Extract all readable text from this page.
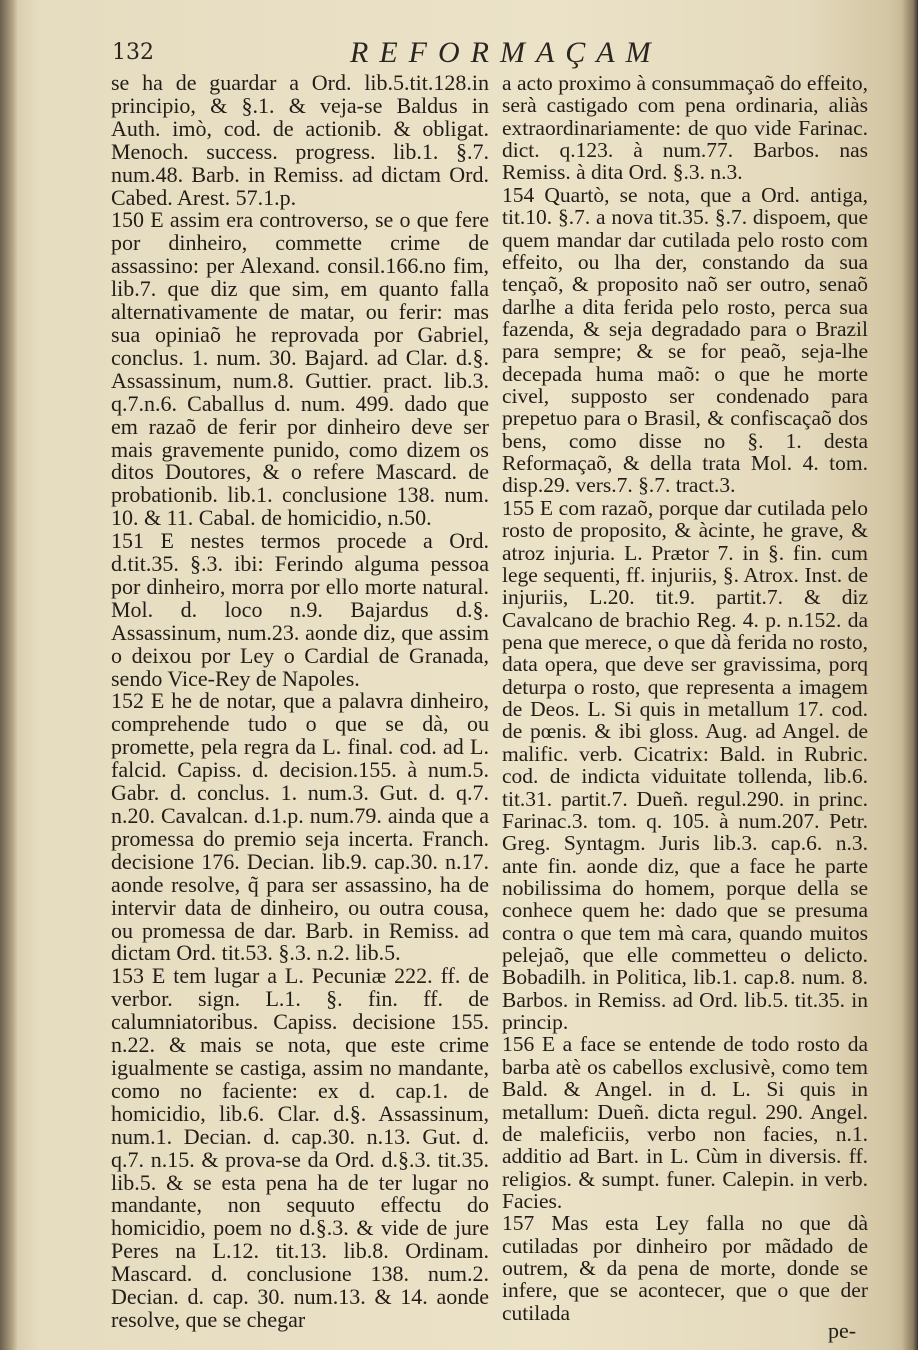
132	REFORMAÇAM

se ha de guardar a Ord. lib.5.tit.128.in principio, & §.1. & veja-se Baldus in Auth. imò, cod. de actionib. & obligat. Menoch. success. progress. lib.1. §.7. num.48. Barb. in Remiss. ad dictam Ord. Cabed. Arest. 57.1.p.

150 E assim era controverso, se o que fere por dinheiro, commette crime de assassino: per Alexand. consil.166.no fim, lib.7. que diz que sim, em quanto falla alternativamente de matar, ou ferir: mas sua opiniaõ he reprovada por Gabriel, conclus. 1. num. 30. Bajard. ad Clar. d.§. Assassinum, num.8. Guttier. pract. lib.3. q.7.n.6. Caballus d. num. 499. dado que em razaõ de ferir por dinheiro deve ser mais gravemente punido, como dizem os ditos Doutores, & o refere Mascard. de probationib. lib.1. conclusione 138. num. 10. & 11. Cabal. de homicidio, n.50.

151 E nestes termos procede a Ord. d.tit.35. §.3. ibi: Ferindo alguma pessoa por dinheiro, morra por ello morte natural. Mol. d. loco n.9. Bajardus d.§. Assassinum, num.23. aonde diz, que assim o deixou por Ley o Cardial de Granada, sendo Vice-Rey de Napoles.

152 E he de notar, que a palavra dinheiro, comprehende tudo o que se dà, ou promette, pela regra da L. final. cod. ad L. falcid. Capiss. d. decision.155. à num.5. Gabr. d. conclus. 1. num.3. Gut. d. q.7. n.20. Cavalcan. d.1.p. num.79. ainda que a promessa do premio seja incerta. Franch. decisione 176. Decian. lib.9. cap.30. n.17. aonde resolve, q̃ para ser assassino, ha de intervir data de dinheiro, ou outra cousa, ou promessa de dar. Barb. in Remiss. ad dictam Ord. tit.53. §.3. n.2. lib.5.

153 E tem lugar a L. Pecuniæ 222. ff. de verbor. sign. L.1. §. fin. ff. de calumniatoribus. Capiss. decisione 155. n.22. & mais se nota, que este crime igualmente se castiga, assim no mandante, como no faciente: ex d. cap.1. de homicidio, lib.6. Clar. d.§. Assassinum, num.1. Decian. d. cap.30. n.13. Gut. d. q.7. n.15. & prova-se da Ord. d.§.3. tit.35. lib.5. & se esta pena ha de ter lugar no mandante, non sequuto effectu do homicidio, poem no d.§.3. & vide de jure Peres na L.12. tit.13. lib.8. Ordinam. Mascard. d. conclusione 138. num.2. Decian. d. cap. 30. num.13. & 14. aonde resolve, que se chegar

a acto proximo à consummaçaõ do effeito, serà castigado com pena ordinaria, aliàs extraordinariamente: de quo vide Farinac. dict. q.123. à num.77. Barbos. nas Remiss. à dita Ord. §.3. n.3.

154 Quartò, se nota, que a Ord. antiga, tit.10. §.7. a nova tit.35. §.7. dispoem, que quem mandar dar cutilada pelo rosto com effeito, ou lha der, constando da sua tençaõ, & proposito naõ ser outro, senaõ darlhe a dita ferida pelo rosto, perca sua fazenda, & seja degradado para o Brazil para sempre; & se for peaõ, seja-lhe decepada huma maõ: o que he morte civel, supposto ser condenado para prepetuo para o Brasil, & confiscaçaõ dos bens, como disse no §. 1. desta Reformaçaõ, & della trata Mol. 4. tom. disp.29. vers.7. §.7. tract.3.

155 E com razaõ, porque dar cutilada pelo rosto de proposito, & àcinte, he grave, & atroz injuria. L. Prætor 7. in §. fin. cum lege sequenti, ff. injuriis, §. Atrox. Inst. de injuriis, L.20. tit.9. partit.7. & diz Cavalcano de brachio Reg. 4. p. n.152. da pena que merece, o que dà ferida no rosto, data opera, que deve ser gravissima, porq deturpa o rosto, que representa a imagem de Deos. L. Si quis in metallum 17. cod. de pœnis. & ibi gloss. Aug. ad Angel. de malific. verb. Cicatrix: Bald. in Rubric. cod. de indicta viduitate tollenda, lib.6. tit.31. partit.7. Dueñ. regul.290. in princ. Farinac.3. tom. q. 105. à num.207. Petr. Greg. Syntagm. Juris lib.3. cap.6. n.3. ante fin. aonde diz, que a face he parte nobilissima do homem, porque della se conhece quem he: dado que se presuma contra o que tem mà cara, quando muitos pelejaõ, que elle commetteu o delicto. Bobadilh. in Politica, lib.1. cap.8. num. 8. Barbos. in Remiss. ad Ord. lib.5. tit.35. in princip.

156 E a face se entende de todo rosto da barba atè os cabellos exclusivè, como tem Bald. & Angel. in d. L. Si quis in metallum: Dueñ. dicta regul. 290. Angel. de maleficiis, verbo non facies, n.1. additio ad Bart. in L. Cùm in diversis. ff. religios. & sumpt. funer. Calepin. in verb. Facies.

157 Mas esta Ley falla no que dà cutiladas por dinheiro por mãdado de outrem, & da pena de morte, donde se infere, que se acontecer, que o que der cutilada

pe-
